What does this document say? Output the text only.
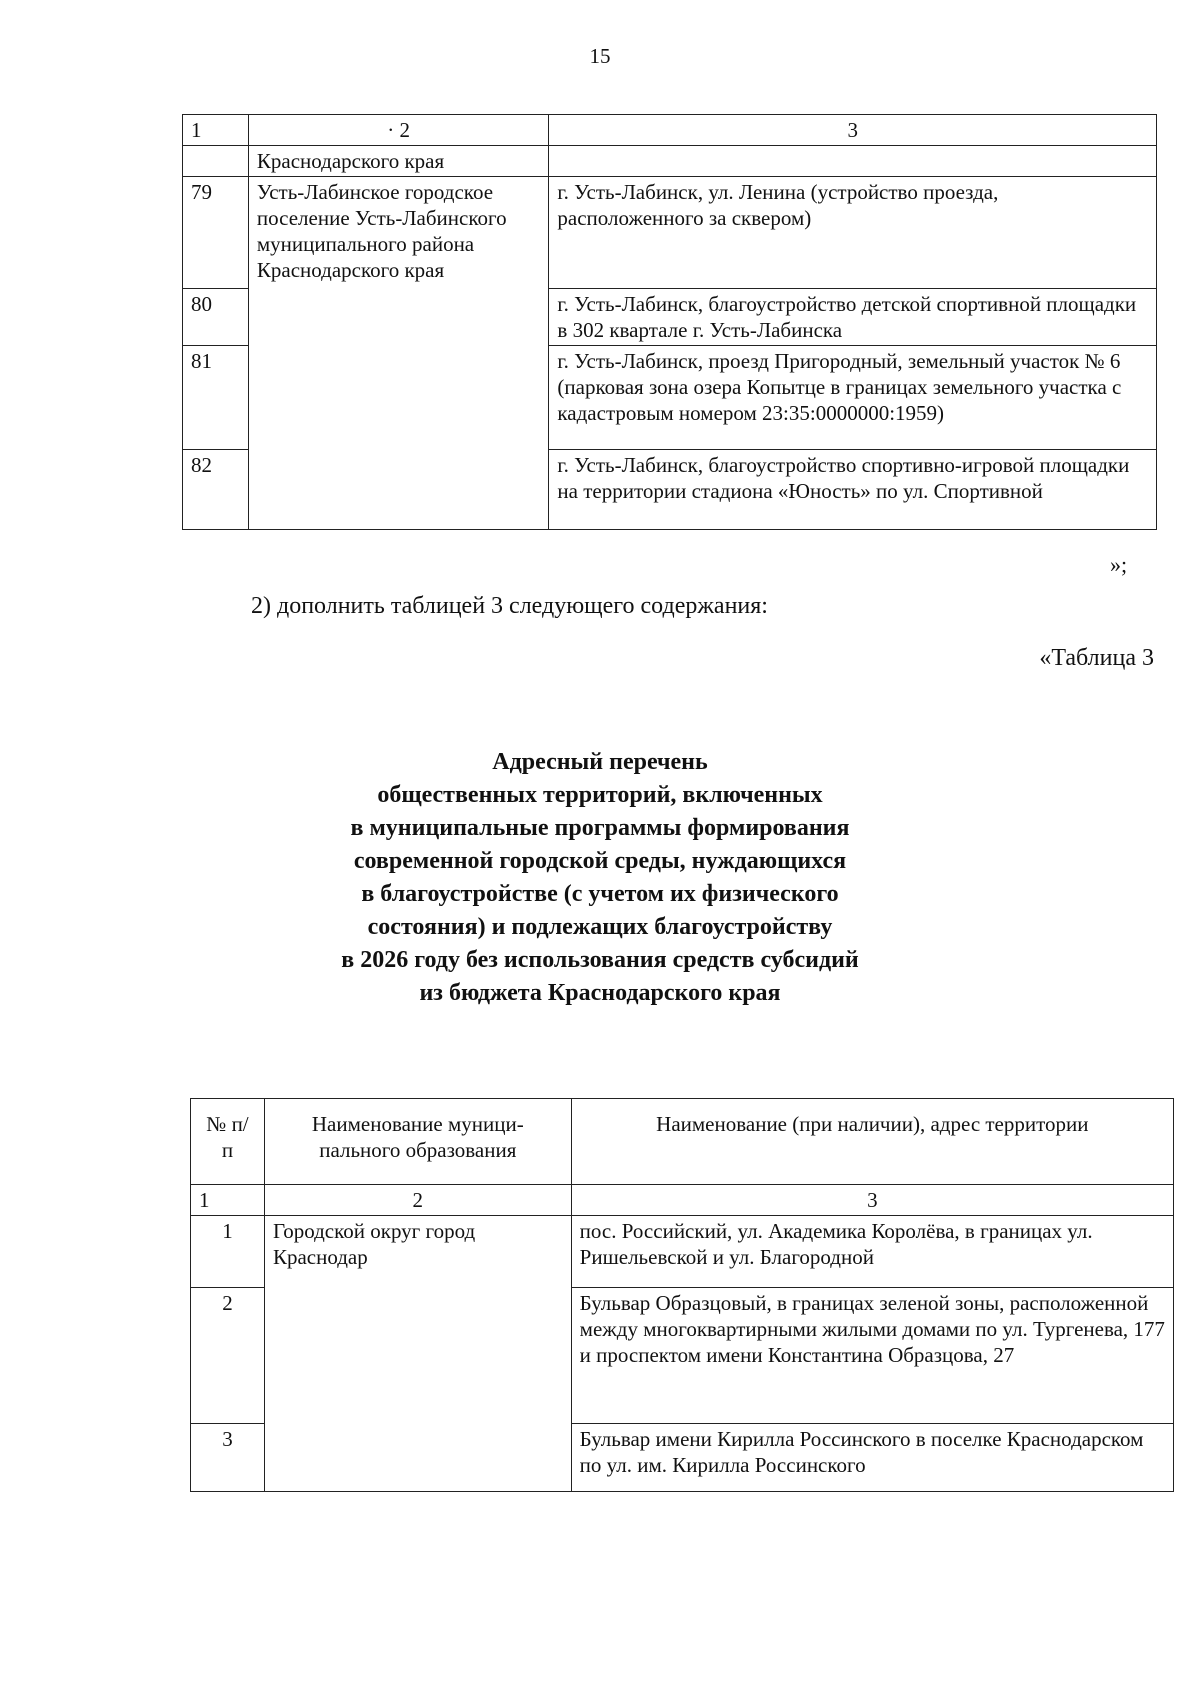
15
1	· 2	3
	Краснодарского края	
79	Усть-Лабинское городское поселение Усть-Лабинского муниципального района Краснодарского края	г. Усть-Лабинск, ул. Ленина (устройство проезда, расположенного за сквером)
80		г. Усть-Лабинск, благоустройство детской спортивной площадки в 302 квартале г. Усть-Лабинска
81		г. Усть-Лабинск, проезд Пригородный, земельный участок № 6 (парковая зона озера Копытце в границах земельного участка с кадастровым номером 23:35:0000000:1959)
82		г. Усть-Лабинск, благоустройство спортивно-игровой площадки на территории стадиона «Юность» по ул. Спортивной
»;
2) дополнить таблицей 3 следующего содержания:
«Таблица 3
Адресный перечень
общественных территорий, включенных
в муниципальные программы формирования
современной городской среды, нуждающихся
в благоустройстве (с учетом их физического
состояния) и подлежащих благоустройству
в 2026 году без использования средств субсидий
из бюджета Краснодарского края
№ п/п	Наименование муници-пального образования	Наименование (при наличии), адрес территории
1	2	3
1	Городской округ город Краснодар	пос. Российский, ул. Академика Королёва, в границах ул. Ришельевской и ул. Благородной
2		Бульвар Образцовый, в границах зеленой зоны, расположенной между многоквартирными жилыми домами по ул. Тургенева, 177 и проспектом имени Константина Образцова, 27
3		Бульвар имени Кирилла Россинского в поселке Краснодарском по ул. им. Кирилла Россинского
